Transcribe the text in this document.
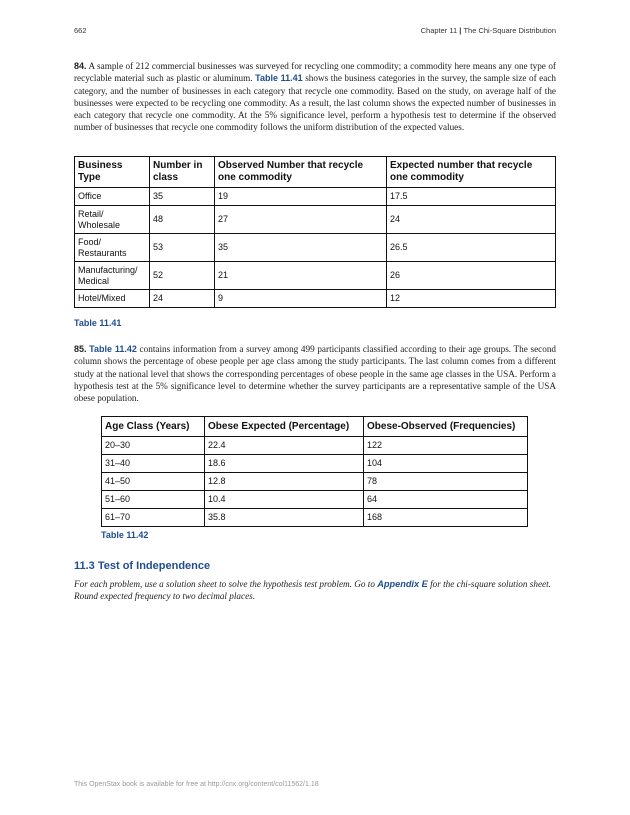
662	Chapter 11 | The Chi-Square Distribution

84. A sample of 212 commercial businesses was surveyed for recycling one commodity; a commodity here means any one type of recyclable material such as plastic or aluminum. Table 11.41 shows the business categories in the survey, the sample size of each category, and the number of businesses in each category that recycle one commodity. Based on the study, on average half of the businesses were expected to be recycling one commodity. As a result, the last column shows the expected number of businesses in each category that recycle one commodity. At the 5% significance level, perform a hypothesis test to determine if the observed number of businesses that recycle one commodity follows the uniform distribution of the expected values.

Business Type	Number in class	Observed Number that recycle one commodity	Expected number that recycle one commodity
Office	35	19	17.5
Retail/ Wholesale	48	27	24
Food/ Restaurants	53	35	26.5
Manufacturing/ Medical	52	21	26
Hotel/Mixed	24	9	12
Table 11.41

85. Table 11.42 contains information from a survey among 499 participants classified according to their age groups. The second column shows the percentage of obese people per age class among the study participants. The last column comes from a different study at the national level that shows the corresponding percentages of obese people in the same age classes in the USA. Perform a hypothesis test at the 5% significance level to determine whether the survey participants are a representative sample of the USA obese population.

Age Class (Years)	Obese Expected (Percentage)	Obese-Observed (Frequencies)
20–30	22.4	122
31–40	18.6	104
41–50	12.8	78
51–60	10.4	64
61–70	35.8	168
Table 11.42
11.3 Test of Independence

For each problem, use a solution sheet to solve the hypothesis test problem. Go to Appendix E for the chi-square solution sheet. Round expected frequency to two decimal places.

This OpenStax book is available for free at http://cnx.org/content/col11562/1.18
